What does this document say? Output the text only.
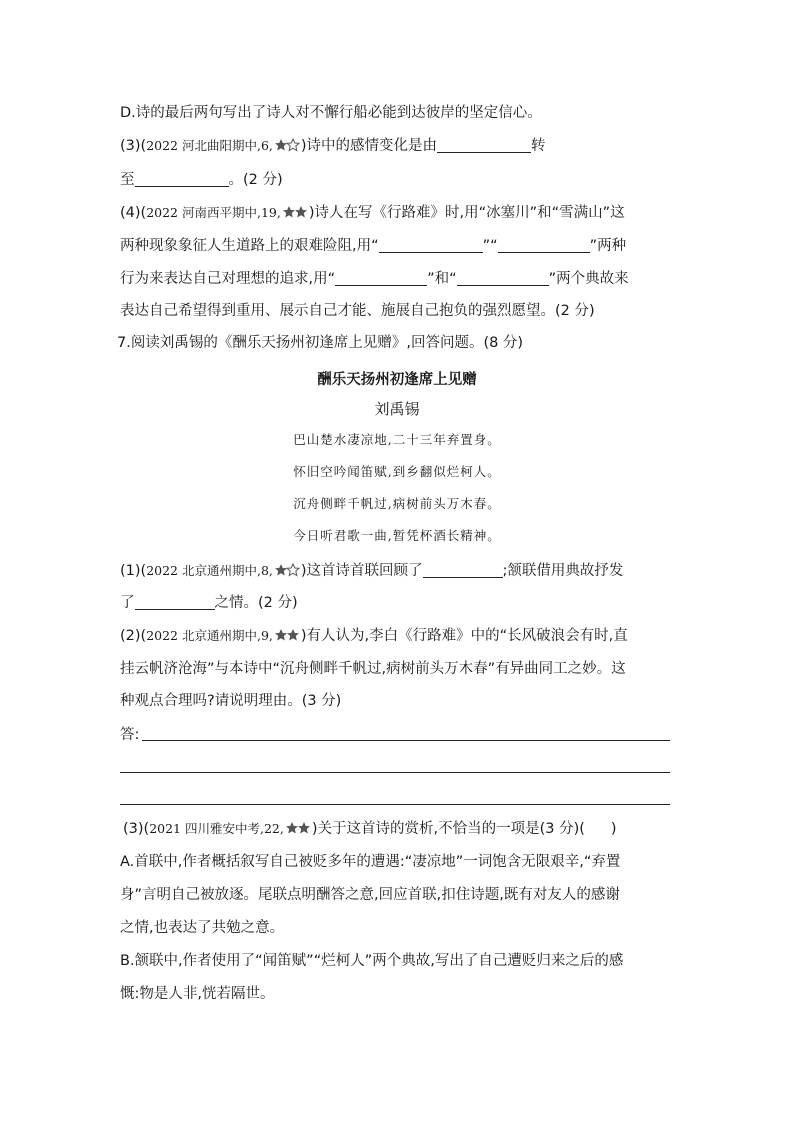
D.诗的最后两句写出了诗人对不懈行船必能到达彼岸的坚定信心。
(3)(2022 河北曲阳期中,6, )诗中的感情变化是由	转
至	。(2 分)
(4)(2022 河南西平期中,19, )诗人在写《行路难》时,用“冰塞川”和“雪满山”这
两种现象象征人生道路上的艰难险阻,用“	”“	”两种
行为来表达自己对理想的追求,用“	”和“	”两个典故来
表达自己希望得到重用、展示自己才能、施展自己抱负的强烈愿望。(2 分)
7.阅读刘禹锡的《酬乐天扬州初逢席上见赠》,回答问题。(8 分)
酬乐天扬州初逢席上见赠
刘禹锡
巴山楚水凄凉地,二十三年弃置身。
怀旧空吟闻笛赋,到乡翻似烂柯人。
沉舟侧畔千帆过,病树前头万木春。
今日听君歌一曲,暂凭杯酒长精神。
(1)(2022 北京通州期中,8, )这首诗首联回顾了	;颔联借用典故抒发
了	之情。(2 分)
(2)(2022 北京通州期中,9, )有人认为,李白《行路难》中的“长风破浪会有时,直
挂云帆济沧海”与本诗中“沉舟侧畔千帆过,病树前头万木春”有异曲同工之妙。这
种观点合理吗?请说明理由。(3 分)
答:
(3)(2021 四川雅安中考,22, )关于这首诗的赏析,不恰当的一项是(3 分)( )
A.首联中,作者概括叙写自己被贬多年的遭遇:“凄凉地”一词饱含无限艰辛,“弃置
身”言明自己被放逐。尾联点明酬答之意,回应首联,扣住诗题,既有对友人的感谢
之情,也表达了共勉之意。
B.颔联中,作者使用了“闻笛赋”“烂柯人”两个典故,写出了自己遭贬归来之后的感
慨:物是人非,恍若隔世。
